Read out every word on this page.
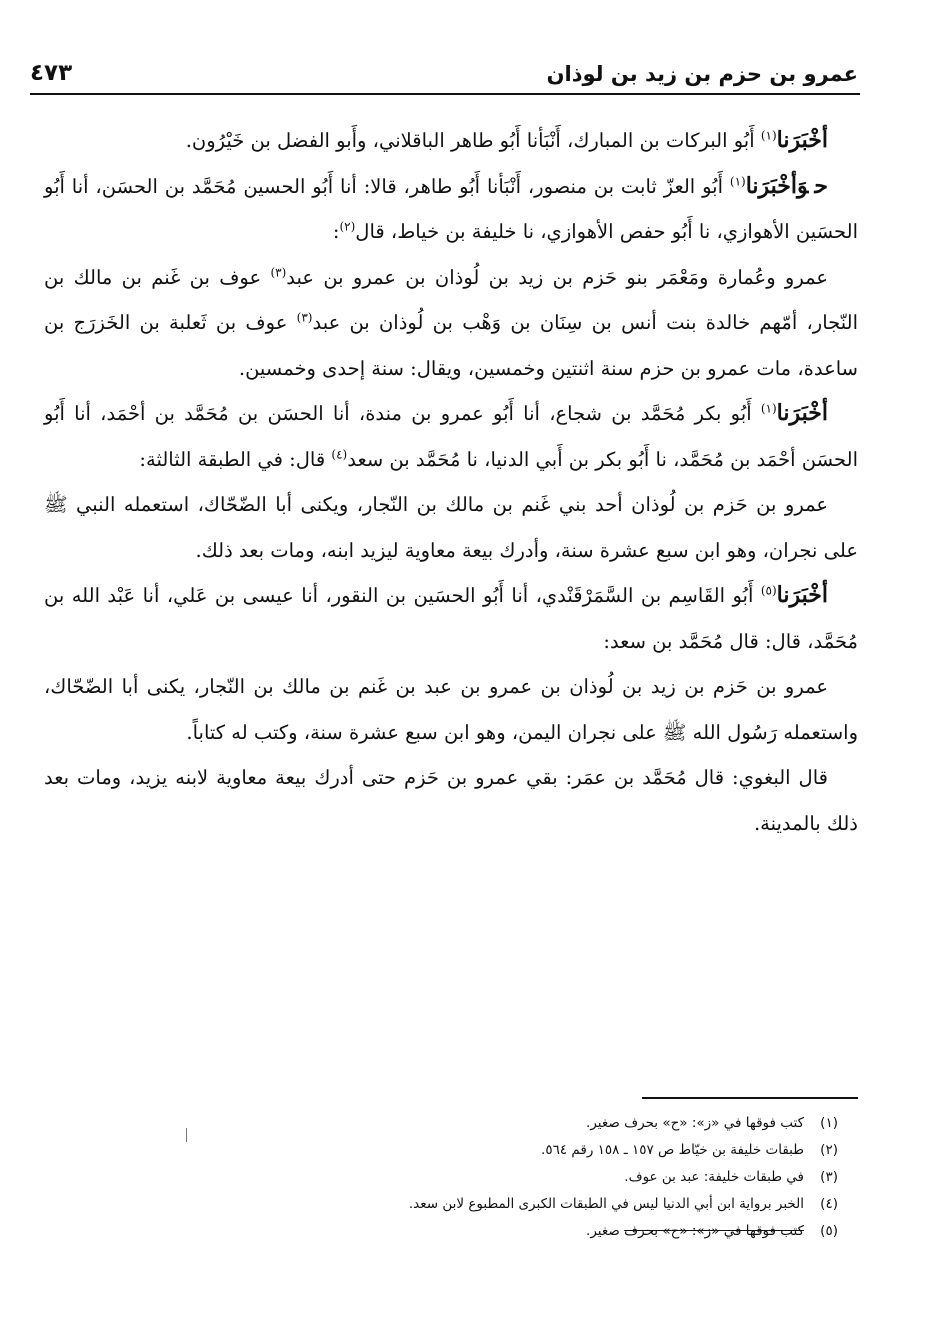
عمرو بن حزم بن زيد بن لوذان
٤٧٣

أخْبَرَنا$^{(١)}$ أَبُو البركات بن المبارك، أَنْبَأنا أَبُو طاهر الباقلاني، وأَبو الفضل بن خَيْرُون.

حوَأخْبَرَنا$^{(١)}$ أَبُو العزّ ثابت بن منصور، أَنْبَأنا أَبُو طاهر، قالا: أنا أَبُو الحسين مُحَمَّد بن الحسَن، أنا أَبُو الحسَين الأهوازي، نا أَبُو حفص الأهوازي، نا خليفة بن خياط، قال$^{(٢)}$:

عمرو وعُمارة ومَعْمَر بنو حَزم بن زيد بن لُوذان بن عمرو بن عبد$^{(٣)}$ عوف بن غَنم بن مالك بن النّجار، أمّهم خالدة بنت أنس بن سِنَان بن وَهْب بن لُوذان بن عبد$^{(٣)}$ عوف بن ثَعلبة بن الخَزرَج بن ساعدة، مات عمرو بن حزم سنة اثنتين وخمسين، ويقال: سنة إحدى وخمسين.

أخْبَرَنا$^{(١)}$ أَبُو بكر مُحَمَّد بن شجاع، أنا أَبُو عمرو بن مندة، أنا الحسَن بن مُحَمَّد بن أحْمَد، أنا أَبُو الحسَن أحْمَد بن مُحَمَّد، نا أَبُو بكر بن أَبي الدنيا، نا مُحَمَّد بن سعد$^{(٤)}$ قال: في الطبقة الثالثة:

عمرو بن حَزم بن لُوذان أحد بني غَنم بن مالك بن النّجار، ويكنى أبا الضّحّاك، استعمله النبي ﷺ على نجران، وهو ابن سبع عشرة سنة، وأدرك بيعة معاوية ليزيد ابنه، ومات بعد ذلك.

أخْبَرَنا$^{(٥)}$ أَبُو القَاسِم بن السَّمَرْقَنْدي، أنا أَبُو الحسَين بن النقور، أنا عيسى بن عَلي، أنا عَبْد الله بن مُحَمَّد، قال: قال مُحَمَّد بن سعد:

عمرو بن حَزم بن زيد بن لُوذان بن عمرو بن عبد بن غَنم بن مالك بن النّجار، يكنى أبا الضّحّاك، واستعمله رَسُول الله ﷺ على نجران اليمن، وهو ابن سبع عشرة سنة، وكتب له كتاباً.

قال البغوي: قال مُحَمَّد بن عمَر: بقي عمرو بن حَزم حتى أدرك بيعة معاوية لابنه يزيد، ومات بعد ذلك بالمدينة.

(١)كتب فوقها في «ز»: «ح» بحرف صغير.
(٢)طبقات خليفة بن خيّاط ص ١٥٧ ـ ١٥٨ رقم ٥٦٤.
(٣)في طبقات خليفة: عبد بن عوف.
(٤)الخبر برواية ابن أبي الدنيا ليس في الطبقات الكبرى المطبوع لابن سعد.
(٥)كتب فوقها في «ز»: «ح» بحرف صغير.
